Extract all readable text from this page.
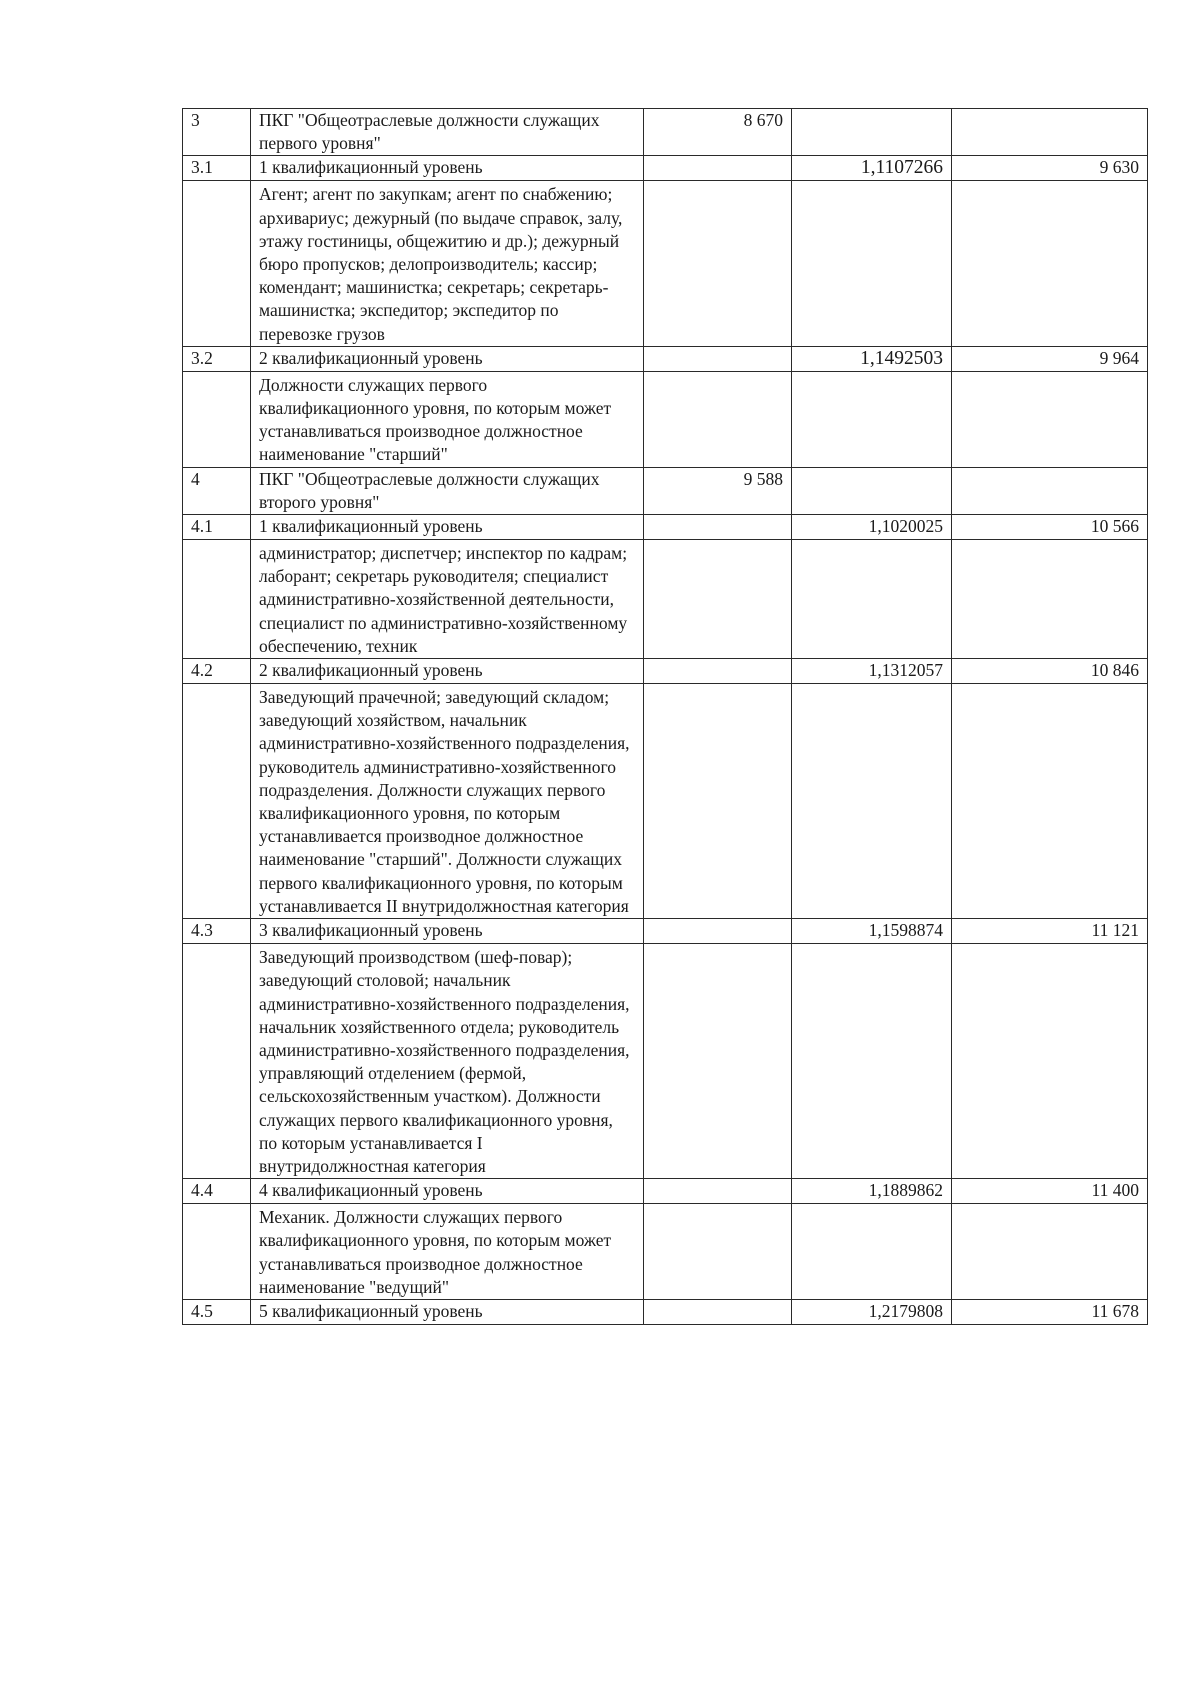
3	ПКГ "Общеотраслевые должности служащих первого уровня"	8 670		
3.1	1 квалификационный уровень		1,1107266	9 630
	Агент; агент по закупкам; агент по снабжению; архивариус; дежурный (по выдаче справок, залу, этажу гостиницы, общежитию и др.); дежурный бюро пропусков; делопроизводитель; кассир; комендант; машинистка; секретарь; секретарь-машинистка; экспедитор; экспедитор по перевозке грузов			
3.2	2 квалификационный уровень		1,1492503	9 964
	Должности служащих первого квалификационного уровня, по которым может устанавливаться производное должностное наименование "старший"			
4	ПКГ "Общеотраслевые должности служащих второго уровня"	9 588		
4.1	1 квалификационный уровень		1,1020025	10 566
	администратор; диспетчер; инспектор по кадрам; лаборант; секретарь руководителя; специалист административно-хозяйственной деятельности, специалист по административно-хозяйственному обеспечению, техник			
4.2	2 квалификационный уровень		1,1312057	10 846
	Заведующий прачечной; заведующий складом; заведующий хозяйством, начальник административно-хозяйственного подразделения, руководитель административно-хозяйственного подразделения. Должности служащих первого квалификационного уровня, по которым устанавливается производное должностное наименование "старший". Должности служащих первого квалификационного уровня, по которым устанавливается II внутридолжностная категория			
4.3	3 квалификационный уровень		1,1598874	11 121
	Заведующий производством (шеф-повар); заведующий столовой; начальник административно-хозяйственного подразделения, начальник хозяйственного отдела; руководитель административно-хозяйственного подразделения, управляющий отделением (фермой, сельскохозяйственным участком). Должности служащих первого квалификационного уровня, по которым устанавливается I внутридолжностная категория			
4.4	4 квалификационный уровень		1,1889862	11 400
	Механик. Должности служащих первого квалификационного уровня, по которым может устанавливаться производное должностное наименование "ведущий"			
4.5	5 квалификационный уровень		1,2179808	11 678
